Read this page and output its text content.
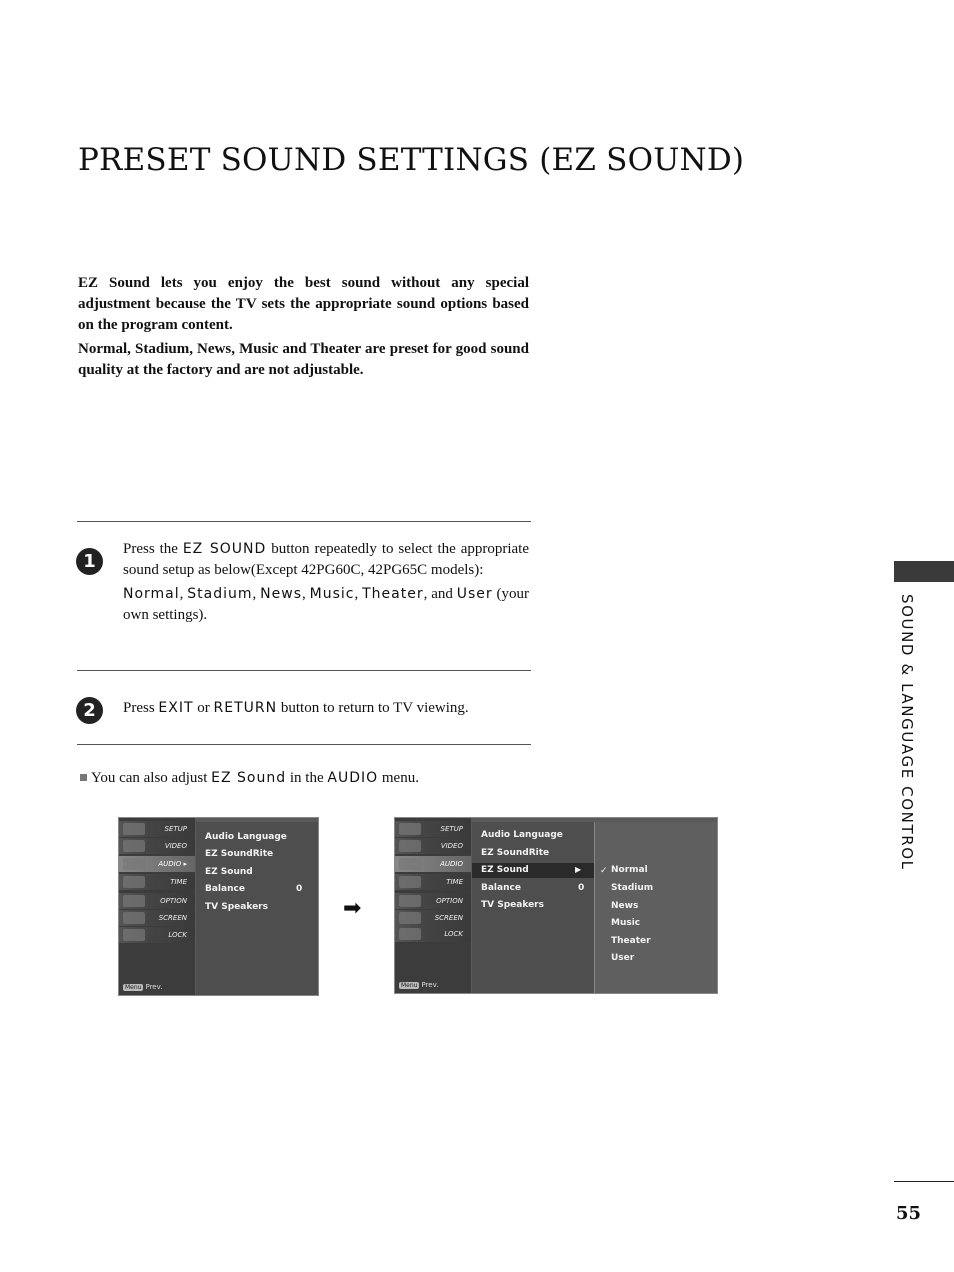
PRESET SOUND SETTINGS (EZ SOUND)

EZ Sound lets you enjoy the best sound without any special adjustment because the TV sets the appropriate sound options based on the program content.

Normal, Stadium, News, Music and Theater are preset for good sound quality at the factory and are not adjustable.

1

Press the EZ SOUND button repeatedly to select the appropriate sound setup as below(Except 42PG60C, 42PG65C models):

Normal, Stadium, News, Music, Theater, and User (your own settings).

2	Press EXIT or RETURN button to return to TV viewing.

You can also adjust EZ Sound in the AUDIO menu.
SETUP
VIDEO
AUDIO ▸
TIME
OPTION
SCREEN
LOCK
Menu Prev.
Audio Language
EZ SoundRite
EZ Sound
Balance	0
TV Speakers	➡
SETUP
VIDEO
AUDIO
TIME
OPTION
SCREEN
LOCK
Menu Prev.
Audio Language
EZ SoundRite
EZ Sound	▶
Balance	0
TV Speakers
✓ Normal
Stadium
News
Music
Theater
User
SOUND & LANGUAGE CONTROL
55
